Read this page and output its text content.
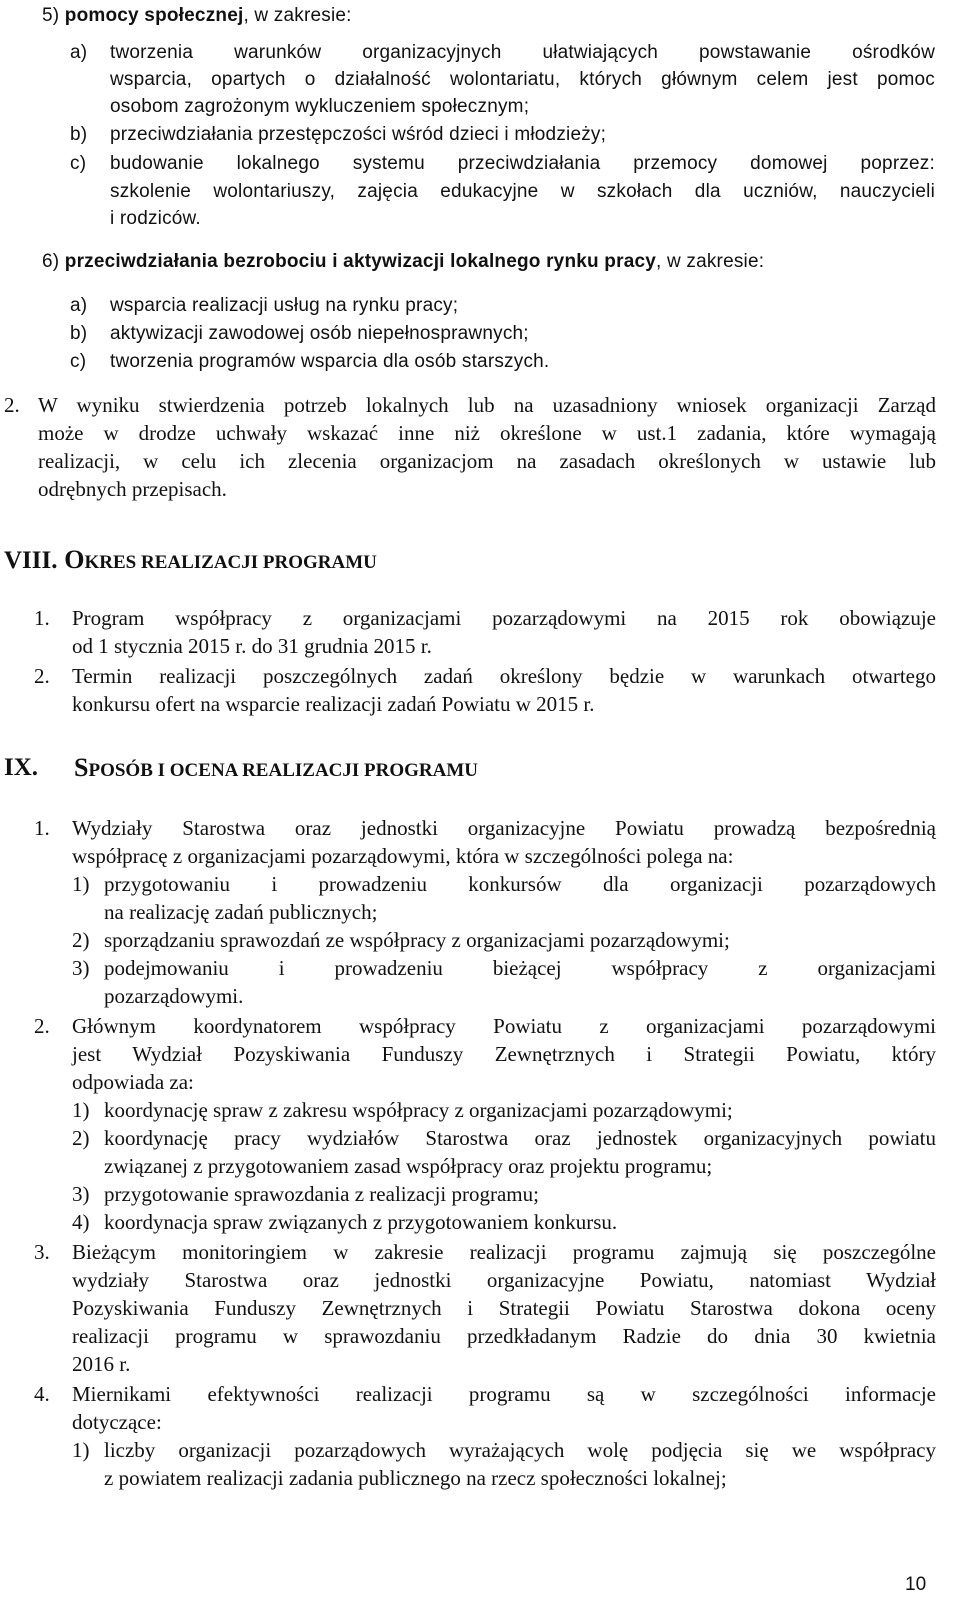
5) pomocy społecznej, w zakresie:
a) tworzenia warunków organizacyjnych ułatwiających powstawanie ośrodków
wsparcia, opartych o działalność wolontariatu, których głównym celem jest pomoc
osobom zagrożonym wykluczeniem społecznym;
b) przeciwdziałania przestępczości wśród dzieci i młodzieży;
c) budowanie lokalnego systemu przeciwdziałania przemocy domowej poprzez:
szkolenie wolontariuszy, zajęcia edukacyjne w szkołach dla uczniów, nauczycieli
i rodziców.
6) przeciwdziałania bezrobociu i aktywizacji lokalnego rynku pracy, w zakresie:
a) wsparcia realizacji usług na rynku pracy;
b) aktywizacji zawodowej osób niepełnosprawnych;
c) tworzenia programów wsparcia dla osób starszych.
2. W wyniku stwierdzenia potrzeb lokalnych lub na uzasadniony wniosek organizacji Zarząd
może w drodze uchwały wskazać inne niż określone w ust.1 zadania, które wymagają
realizacji, w celu ich zlecenia organizacjom na zasadach określonych w ustawie lub
odrębnych przepisach.
VIII. OKRES REALIZACJI PROGRAMU
1. Program współpracy z organizacjami pozarządowymi na 2015 rok obowiązuje
od 1 stycznia 2015 r. do 31 grudnia 2015 r.
2. Termin realizacji poszczególnych zadań określony będzie w warunkach otwartego
konkursu ofert na wsparcie realizacji zadań Powiatu w 2015 r.
IX. SPOSÓB I OCENA REALIZACJI PROGRAMU
1. Wydziały Starostwa oraz jednostki organizacyjne Powiatu prowadzą bezpośrednią
współpracę z organizacjami pozarządowymi, która w szczególności polega na:
1) przygotowaniu i prowadzeniu konkursów dla organizacji pozarządowych
na realizację zadań publicznych;
2) sporządzaniu sprawozdań ze współpracy z organizacjami pozarządowymi;
3) podejmowaniu i prowadzeniu bieżącej współpracy z organizacjami
pozarządowymi.
2. Głównym koordynatorem współpracy Powiatu z organizacjami pozarządowymi
jest Wydział Pozyskiwania Funduszy Zewnętrznych i Strategii Powiatu, który
odpowiada za:
1) koordynację spraw z zakresu współpracy z organizacjami pozarządowymi;
2) koordynację pracy wydziałów Starostwa oraz jednostek organizacyjnych powiatu
związanej z przygotowaniem zasad współpracy oraz projektu programu;
3) przygotowanie sprawozdania z realizacji programu;
4) koordynacja spraw związanych z przygotowaniem konkursu.
3. Bieżącym monitoringiem w zakresie realizacji programu zajmują się poszczególne
wydziały Starostwa oraz jednostki organizacyjne Powiatu, natomiast Wydział
Pozyskiwania Funduszy Zewnętrznych i Strategii Powiatu Starostwa dokona oceny
realizacji programu w sprawozdaniu przedkładanym Radzie do dnia 30 kwietnia
2016 r.
4. Miernikami efektywności realizacji programu są w szczególności informacje
dotyczące:
1) liczby organizacji pozarządowych wyrażających wolę podjęcia się we współpracy
z powiatem realizacji zadania publicznego na rzecz społeczności lokalnej;
10
